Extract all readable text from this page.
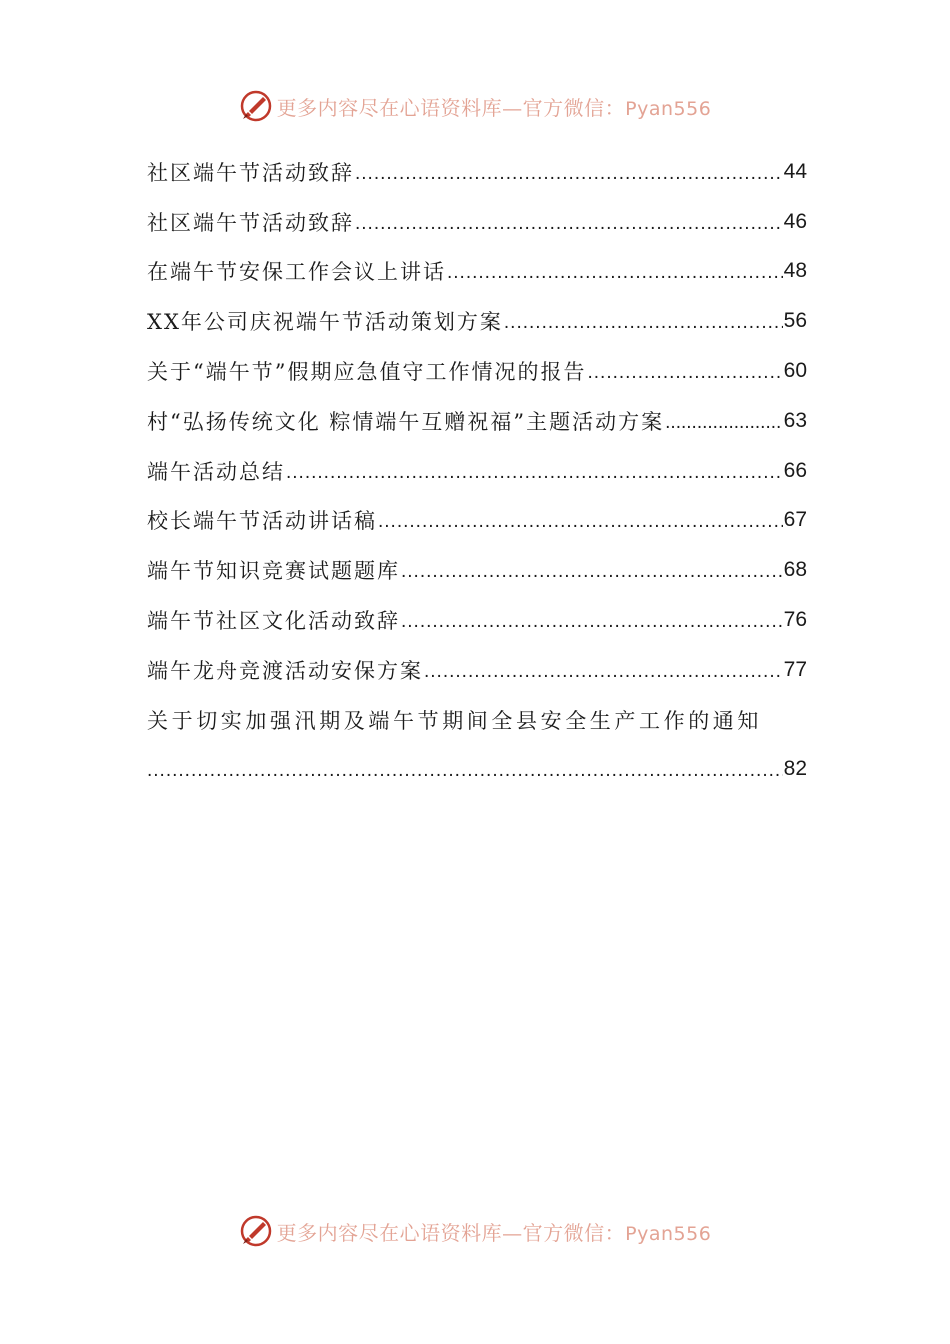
更多内容尽在心语资料库—官方微信：Pyan556
社区端午节活动致辞 .....	44
社区端午节活动致辞 .....	46
在端午节安保工作会议上讲话 .....	48
XX年公司庆祝端午节活动策划方案 .....	56
关于“端午节”假期应急值守工作情况的报告 .....	60
村“弘扬传统文化 粽情端午互赠祝福”主题活动方案 .....	63
端午活动总结 .....	66
校长端午节活动讲话稿 .....	67
端午节知识竞赛试题题库 .....	68
端午节社区文化活动致辞 .....	76
端午龙舟竞渡活动安保方案 .....	77
关于切实加强汛期及端午节期间全县安全生产工作的通知
.....
82
更多内容尽在心语资料库—官方微信：Pyan556
